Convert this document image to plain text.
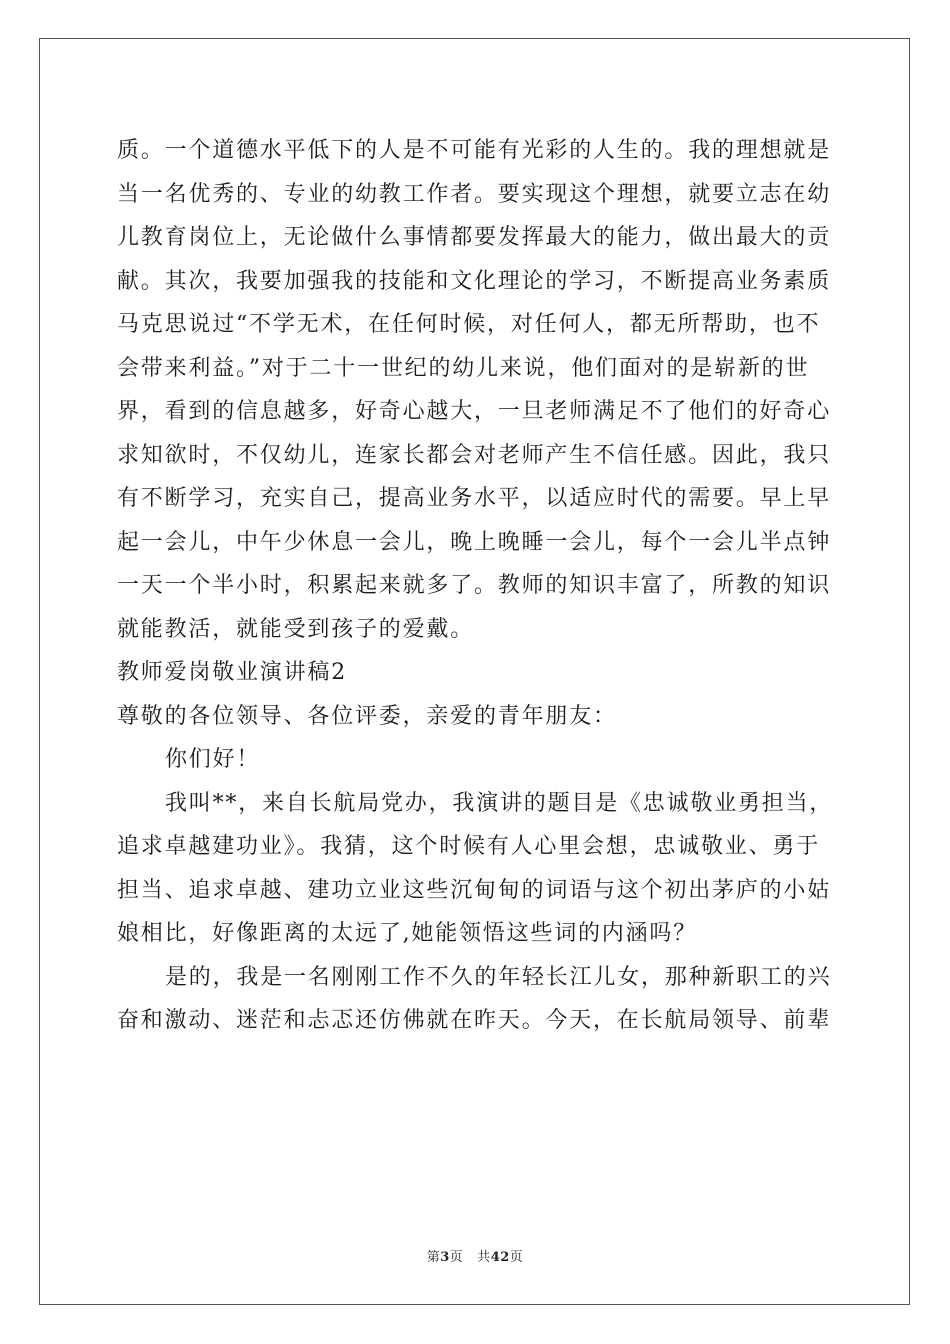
质。一个道德水平低下的人是不可能有光彩的人生的。我的理想就是
当一名优秀的、专业的幼教工作者。要实现这个理想，就要立志在幼
儿教育岗位上，无论做什么事情都要发挥最大的能力，做出最大的贡
献。其次，我要加强我的技能和文化理论的学习，不断提高业务素质
马克思说过“不学无术，在任何时候，对任何人，都无所帮助，也不
会带来利益。”对于二十一世纪的幼儿来说，他们面对的是崭新的世
界，看到的信息越多，好奇心越大，一旦老师满足不了他们的好奇心
求知欲时，不仅幼儿，连家长都会对老师产生不信任感。因此，我只
有不断学习，充实自己，提高业务水平，以适应时代的需要。早上早
起一会儿，中午少休息一会儿，晚上晚睡一会儿，每个一会儿半点钟
一天一个半小时，积累起来就多了。教师的知识丰富了，所教的知识
就能教活，就能受到孩子的爱戴。
教师爱岗敬业演讲稿2
尊敬的各位领导、各位评委，亲爱的青年朋友：
你们好！
我叫**，来自长航局党办，我演讲的题目是《忠诚敬业勇担当，
追求卓越建功业》。我猜，这个时候有人心里会想，忠诚敬业、勇于
担当、追求卓越、建功立业这些沉甸甸的词语与这个初出茅庐的小姑
娘相比，好像距离的太远了,她能领悟这些词的内涵吗？
是的，我是一名刚刚工作不久的年轻长江儿女，那种新职工的兴
奋和激动、迷茫和忐忑还仿佛就在昨天。今天，在长航局领导、前辈
第3页 共42页
